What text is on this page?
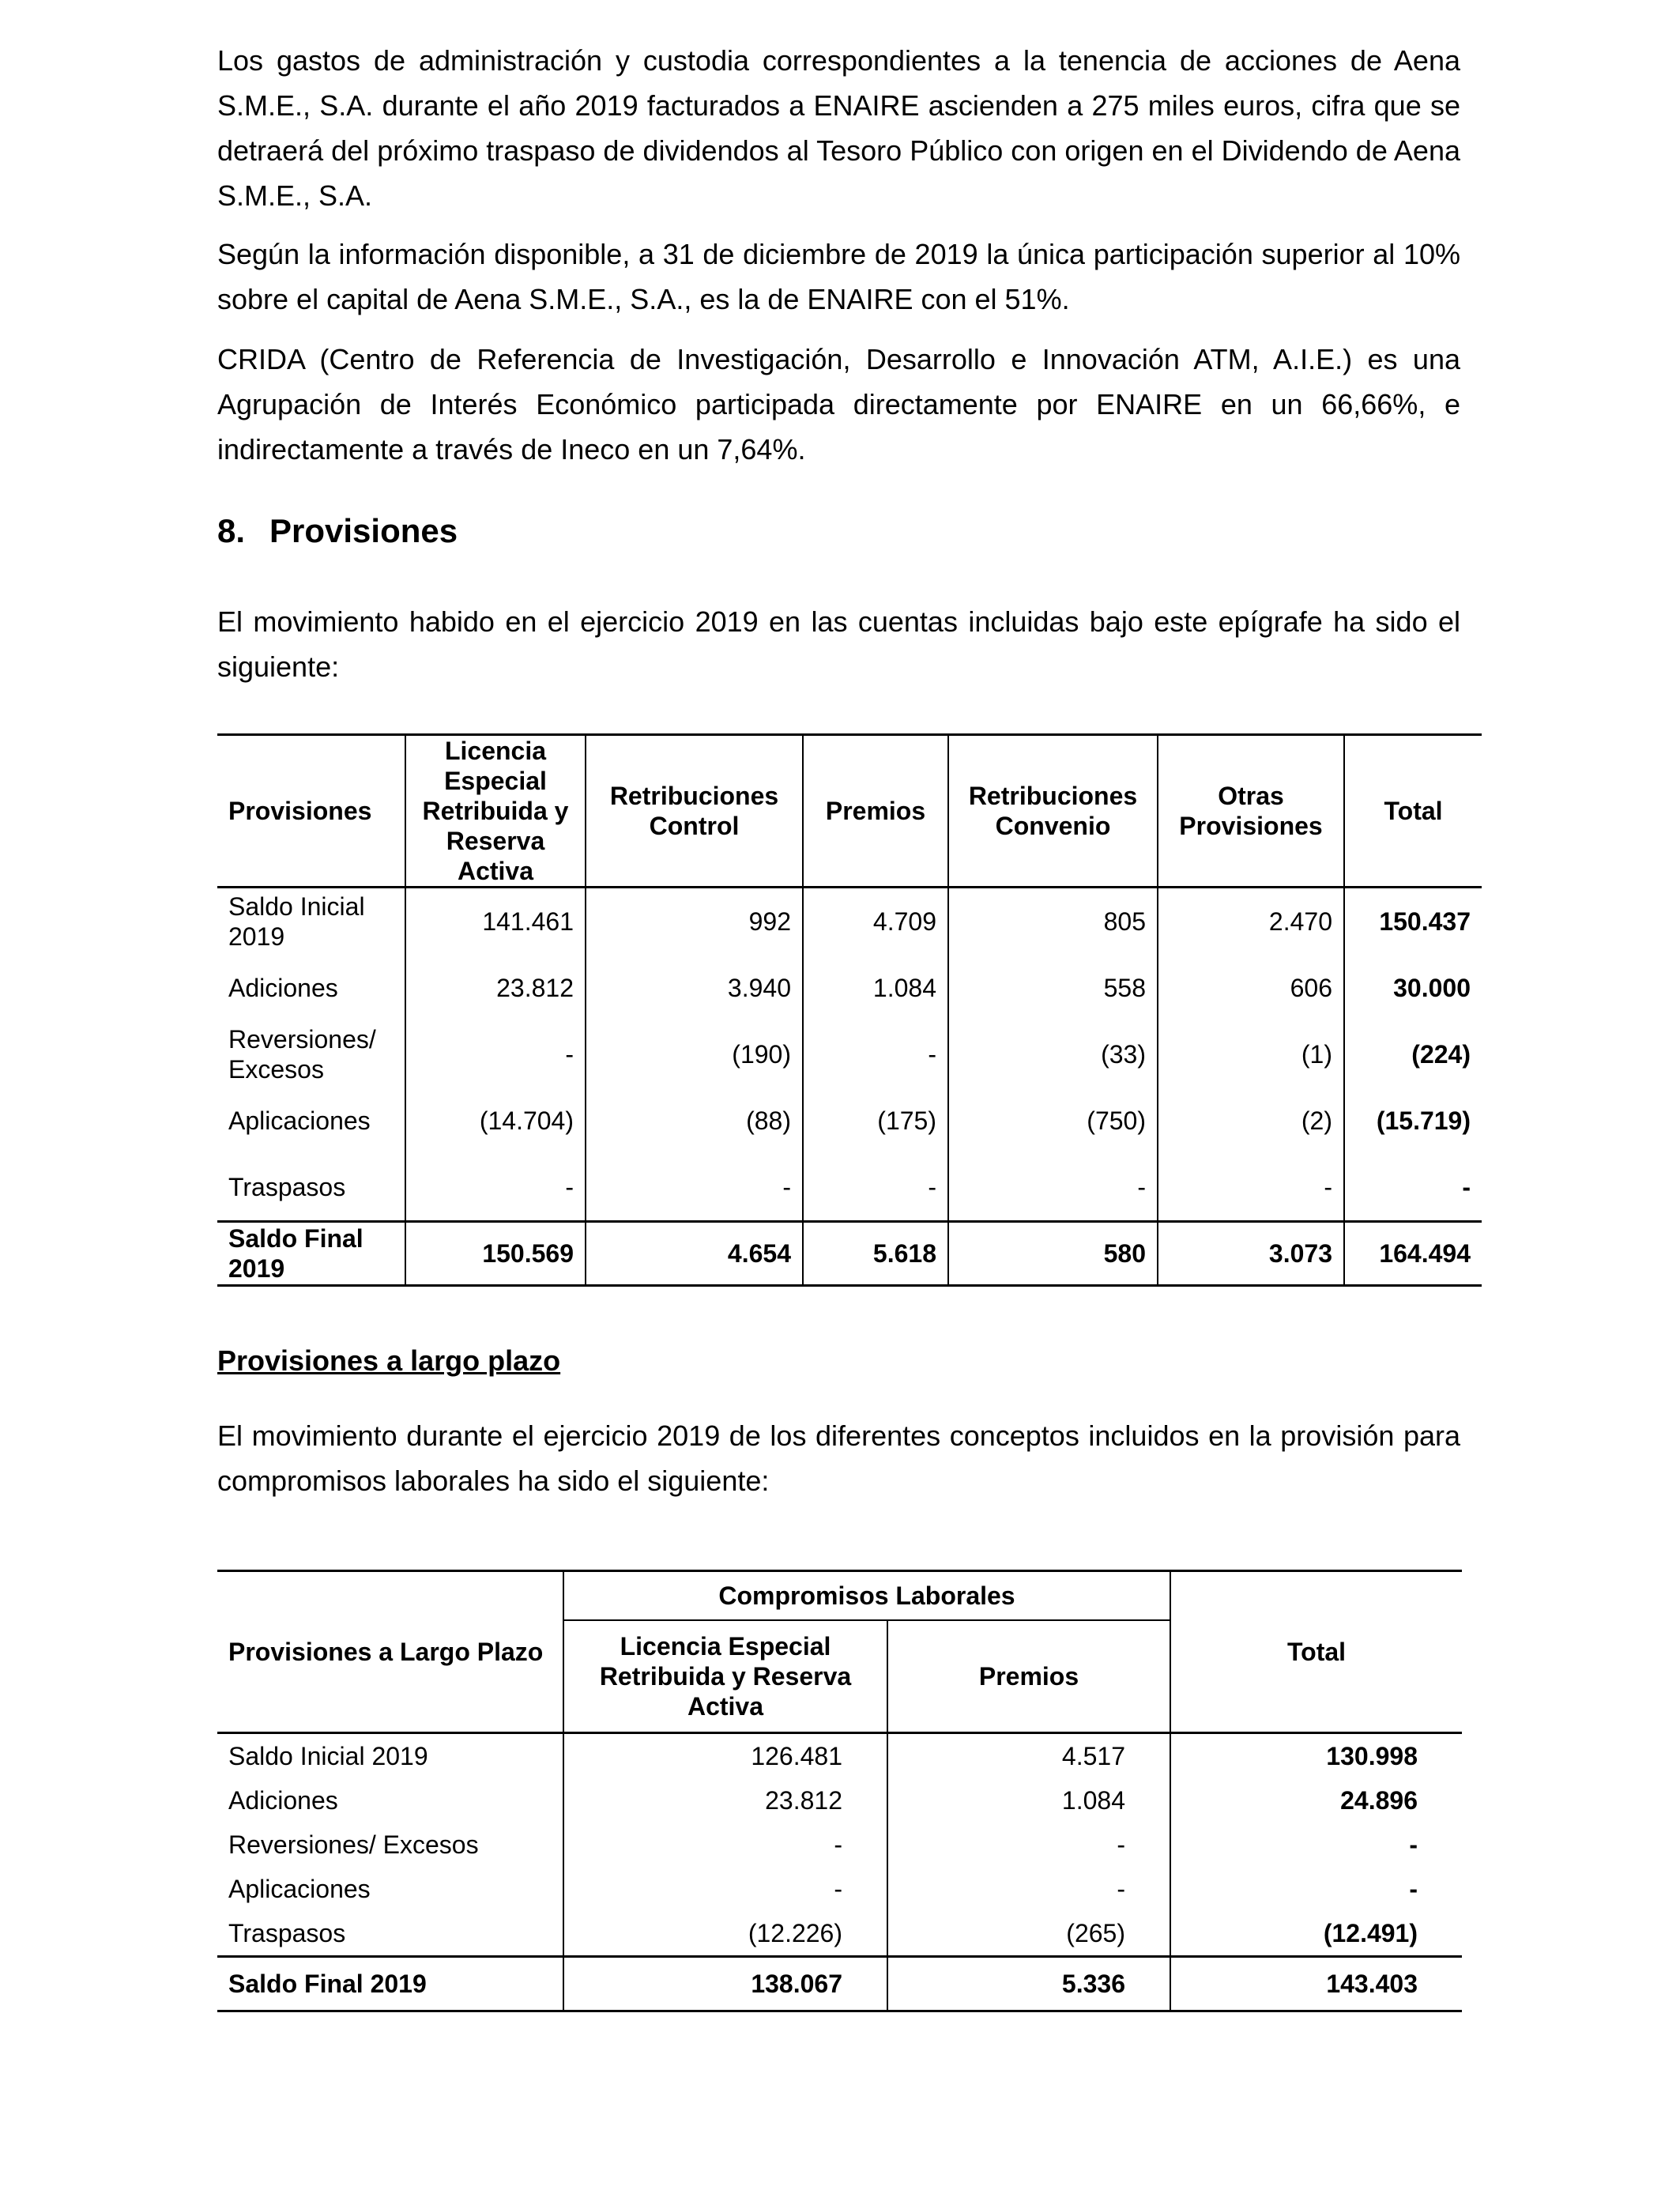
Los gastos de administración y custodia correspondientes a la tenencia de acciones de Aena S.M.E., S.A. durante el año 2019 facturados a ENAIRE ascienden a 275 miles euros, cifra que se detraerá del próximo traspaso de dividendos al Tesoro Público con origen en el Dividendo de Aena S.M.E., S.A.

Según la información disponible, a 31 de diciembre de 2019 la única participación superior al 10% sobre el capital de Aena S.M.E., S.A., es la de ENAIRE con el 51%.

CRIDA (Centro de Referencia de Investigación, Desarrollo e Innovación ATM, A.I.E.) es una Agrupación de Interés Económico participada directamente por ENAIRE en un 66,66%, e indirectamente a través de Ineco en un 7,64%.

8. Provisiones

El movimiento habido en el ejercicio 2019 en las cuentas incluidas bajo este epígrafe ha sido el siguiente:

Provisiones	Licencia Especial Retribuida y Reserva Activa	Retribuciones Control	Premios	Retribuciones Convenio	Otras Provisiones	Total
Saldo Inicial 2019	141.461	992	4.709	805	2.470	150.437
Adiciones	23.812	3.940	1.084	558	606	30.000
Reversiones/ Excesos	-	(190)	-	(33)	(1)	(224)
Aplicaciones	(14.704)	(88)	(175)	(750)	(2)	(15.719)
Traspasos	-	-	-	-	-	-
Saldo Final 2019	150.569	4.654	5.618	580	3.073	164.494
Provisiones a largo plazo

El movimiento durante el ejercicio 2019 de los diferentes conceptos incluidos en la provisión para compromisos laborales ha sido el siguiente:

Provisiones a Largo Plazo	Compromisos Laborales		Total
	Licencia Especial Retribuida y Reserva Activa	Premios	
Saldo Inicial 2019	126.481	4.517	130.998
Adiciones	23.812	1.084	24.896
Reversiones/ Excesos	-	-	-
Aplicaciones	-	-	-
Traspasos	(12.226)	(265)	(12.491)
Saldo Final 2019	138.067	5.336	143.403
